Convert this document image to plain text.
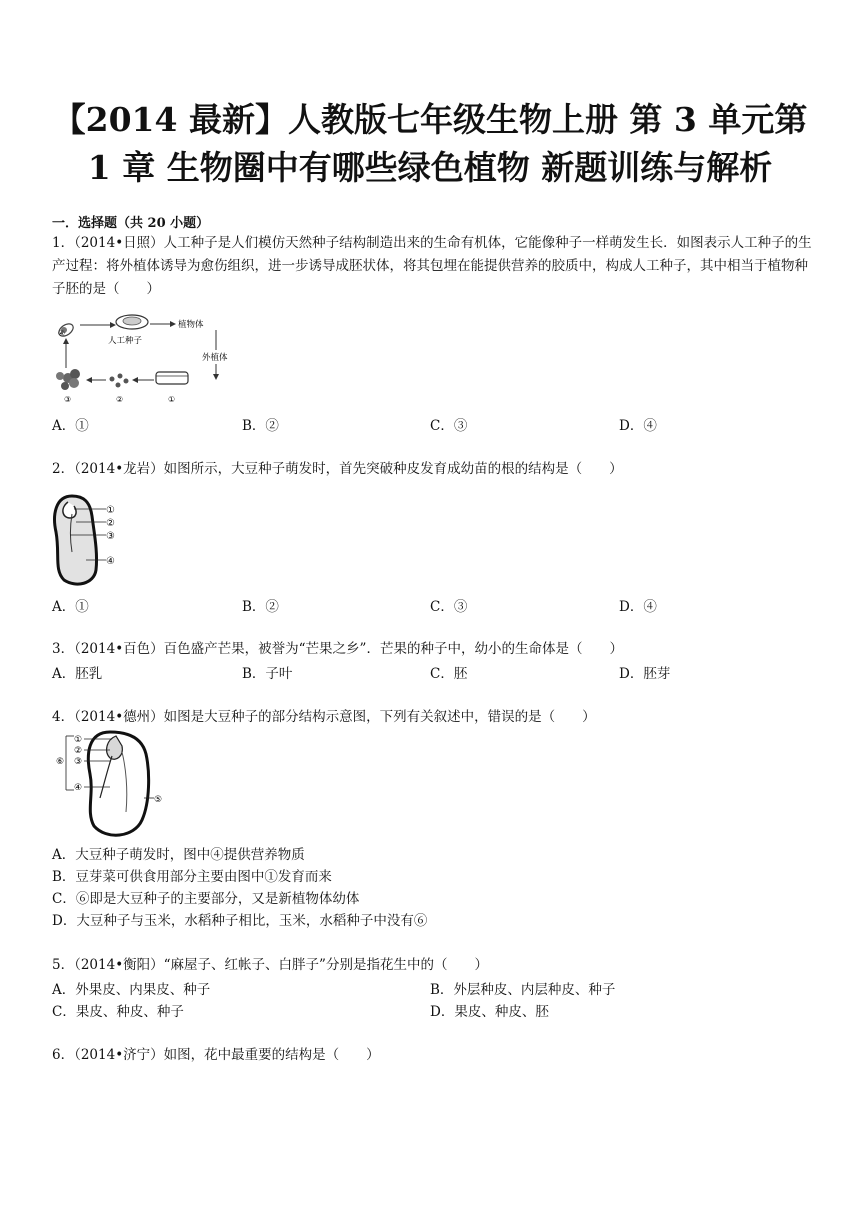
【2014 最新】人教版七年级生物上册 第 3 单元第
1 章 生物圈中有哪些绿色植物 新题训练与解析

一．选择题（共 20 小题）

1．（2014•日照）人工种子是人们模仿天然种子结构制造出来的生命有机体，它能像种子一样萌发生长．如图表示人工种子的生产过程：将外植体诱导为愈伤组织，进一步诱导成胚状体，将其包埋在能提供营养的胶质中，构成人工种子，其中相当于植物种子胚的是（　　）

④
人工种子
植物体
外植体
①
②
③
A．①	B．②	C．③	D．④

2．（2014•龙岩）如图所示，大豆种子萌发时，首先突破种皮发育成幼苗的根的结构是（　　）

①
②
③
④
A．①	B．②	C．③	D．④

3．（2014•百色）百色盛产芒果，被誉为“芒果之乡”．芒果的种子中，幼小的生命体是（　　）

A．胚乳	B．子叶	C．胚	D．胚芽

4．（2014•德州）如图是大豆种子的部分结构示意图，下列有关叙述中，错误的是（　　）

①
②
③
④
⑥
⑤
A．大豆种子萌发时，图中④提供营养物质
B．豆芽菜可供食用部分主要由图中①发育而来
C．⑥即是大豆种子的主要部分，又是新植物体幼体
D．大豆种子与玉米，水稻种子相比，玉米，水稻种子中没有⑥

5．（2014•衡阳）“麻屋子、红帐子、白胖子”分别是指花生中的（　　）

A．外果皮、内果皮、种子	B．外层种皮、内层种皮、种子
C．果皮、种皮、种子	D．果皮、种皮、胚

6．（2014•济宁）如图，花中最重要的结构是（　　）
